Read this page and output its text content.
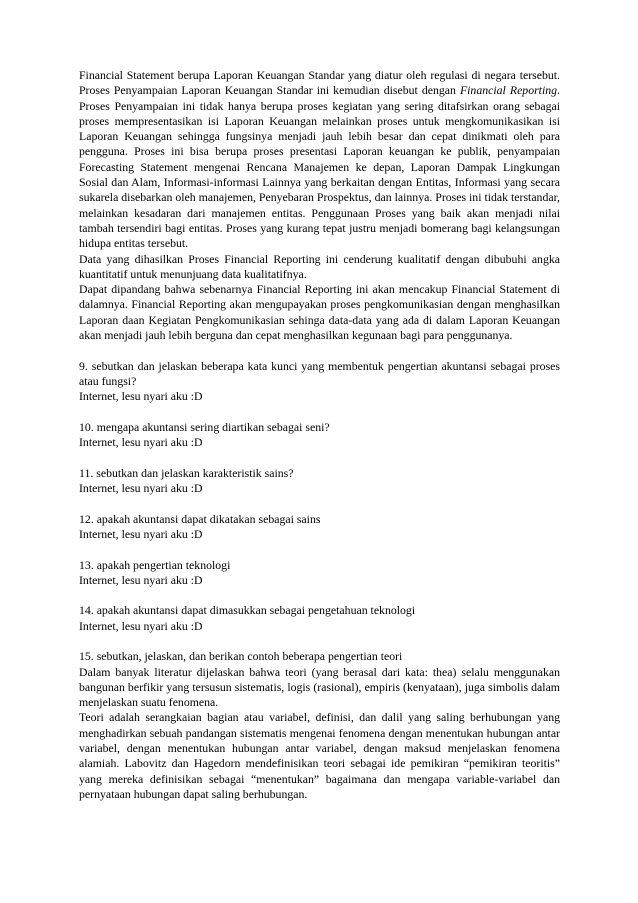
Financial Statement berupa Laporan Keuangan Standar yang diatur oleh regulasi di negara tersebut. Proses Penyampaian Laporan Keuangan Standar ini kemudian disebut dengan Financial Reporting. Proses Penyampaian ini tidak hanya berupa proses kegiatan yang sering ditafsirkan orang sebagai proses mempresentasikan isi Laporan Keuangan melainkan proses untuk mengkomunikasikan isi Laporan Keuangan sehingga fungsinya menjadi jauh lebih besar dan cepat dinikmati oleh para pengguna. Proses ini bisa berupa proses presentasi Laporan keuangan ke publik, penyampaian Forecasting Statement mengenai Rencana Manajemen ke depan, Laporan Dampak Lingkungan Sosial dan Alam, Informasi-informasi Lainnya yang berkaitan dengan Entitas, Informasi yang secara sukarela disebarkan oleh manajemen, Penyebaran Prospektus, dan lainnya. Proses ini tidak terstandar, melainkan kesadaran dari manajemen entitas. Penggunaan Proses yang baik akan menjadi nilai tambah tersendiri bagi entitas. Proses yang kurang tepat justru menjadi bomerang bagi kelangsungan hidupa entitas tersebut.
Data yang dihasilkan Proses Financial Reporting ini cenderung kualitatif dengan dibubuhi angka kuantitatif untuk menunjuang data kualitatifnya.
Dapat dipandang bahwa sebenarnya Financial Reporting ini akan mencakup Financial Statement di dalamnya. Financial Reporting akan mengupayakan proses pengkomunikasian dengan menghasilkan Laporan daan Kegiatan Pengkomunikasian sehinga data-data yang ada di dalam Laporan Keuangan akan menjadi jauh lebih berguna dan cepat menghasilkan kegunaan bagi para penggunanya.
9. sebutkan dan jelaskan beberapa kata kunci yang membentuk pengertian akuntansi sebagai proses atau fungsi?
Internet, lesu nyari aku :D
10. mengapa akuntansi sering diartikan sebagai seni?
Internet, lesu nyari aku :D
11. sebutkan dan jelaskan karakteristik sains?
Internet, lesu nyari aku :D
12. apakah akuntansi dapat dikatakan sebagai sains
Internet, lesu nyari aku :D
13. apakah pengertian teknologi
Internet, lesu nyari aku :D
14. apakah akuntansi dapat dimasukkan sebagai pengetahuan teknologi
Internet, lesu nyari aku :D
15. sebutkan, jelaskan, dan berikan contoh beberapa pengertian teori
Dalam banyak literatur dijelaskan bahwa teori (yang berasal dari kata: thea) selalu menggunakan bangunan berfikir yang tersusun sistematis, logis (rasional), empiris (kenyataan), juga simbolis dalam menjelaskan suatu fenomena.
Teori adalah serangkaian bagian atau variabel, definisi, dan dalil yang saling berhubungan yang menghadirkan sebuah pandangan sistematis mengenai fenomena dengan menentukan hubungan antar variabel, dengan menentukan hubungan antar variabel, dengan maksud menjelaskan fenomena alamiah. Labovitz dan Hagedorn mendefinisikan teori sebagai ide pemikiran “pemikiran teoritis” yang mereka definisikan sebagai “menentukan” bagaimana dan mengapa variable-variabel dan pernyataan hubungan dapat saling berhubungan.
